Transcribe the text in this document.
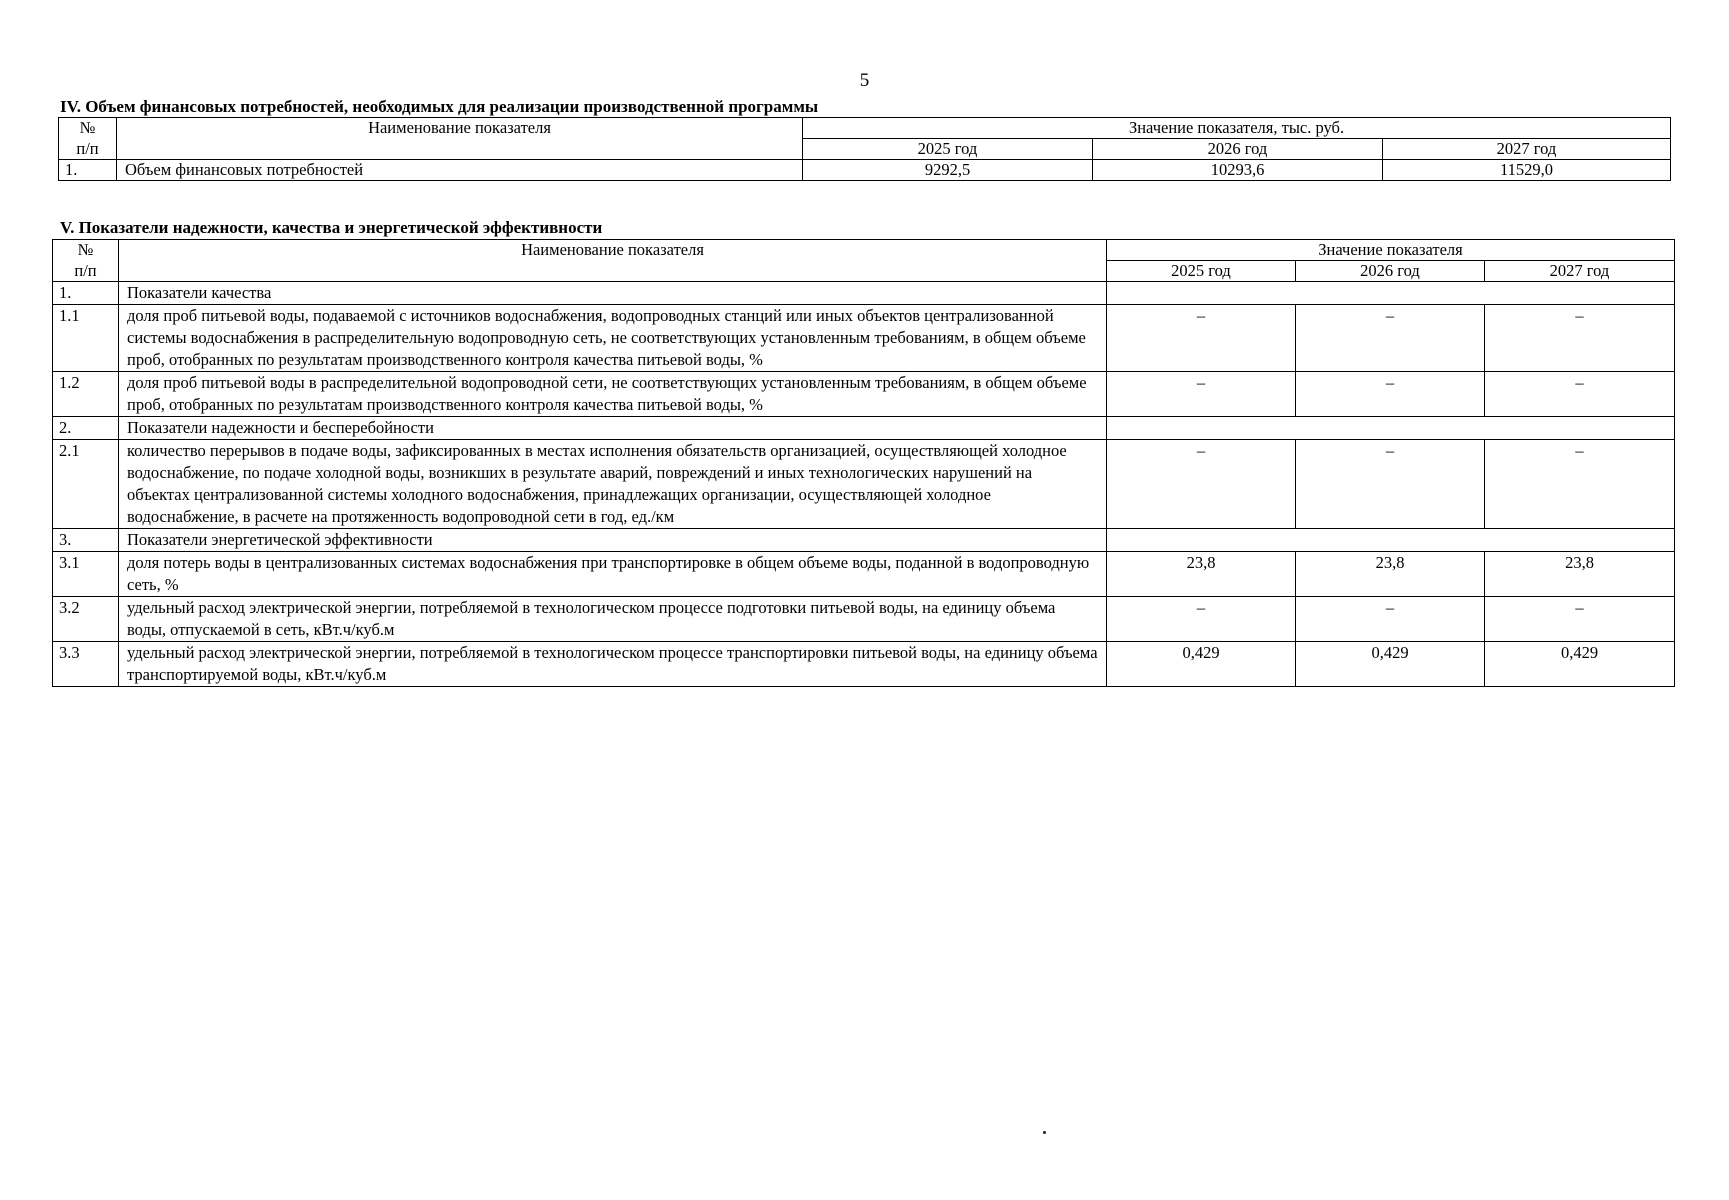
5
IV. Объем финансовых потребностей, необходимых для реализации производственной программы
№	Наименование показателя	Значение показателя, тыс. руб.		
п/п		2025 год	2026 год	2027 год
1.	Объем финансовых потребностей	9292,5	10293,6	11529,0
V. Показатели надежности, качества и энергетической эффективности
№	Наименование показателя	Значение показателя		
п/п		2025 год	2026 год	2027 год
1.	Показатели качества			
1.1	доля проб питьевой воды, подаваемой с источников водоснабжения, водопроводных станций или иных объектов централизованной системы водоснабжения в распределительную водопроводную сеть, не соответствующих установленным требованиям, в общем объеме проб, отобранных по результатам производственного контроля качества питьевой воды, %	–	–	–
1.2	доля проб питьевой воды в распределительной водопроводной сети, не соответствующих установленным требованиям, в общем объеме проб, отобранных по результатам производственного контроля качества питьевой воды, %	–	–	–
2.	Показатели надежности и бесперебойности			
2.1	количество перерывов в подаче воды, зафиксированных в местах исполнения обязательств организацией, осуществляющей холодное водоснабжение, по подаче холодной воды, возникших в результате аварий, повреждений и иных технологических нарушений на объектах централизованной системы холодного водоснабжения, принадлежащих организации, осуществляющей холодное водоснабжение, в расчете на протяженность водопроводной сети в год, ед./км	–	–	–
3.	Показатели энергетической эффективности			
3.1	доля потерь воды в централизованных системах водоснабжения при транспортировке в общем объеме воды, поданной в водопроводную сеть, %	23,8	23,8	23,8
3.2	удельный расход электрической энергии, потребляемой в технологическом процессе подготовки питьевой воды, на единицу объема воды, отпускаемой в сеть, кВт.ч/куб.м	–	–	–
3.3	удельный расход электрической энергии, потребляемой в технологическом процессе транспортировки питьевой воды, на единицу объема транспортируемой воды, кВт.ч/куб.м	0,429	0,429	0,429
